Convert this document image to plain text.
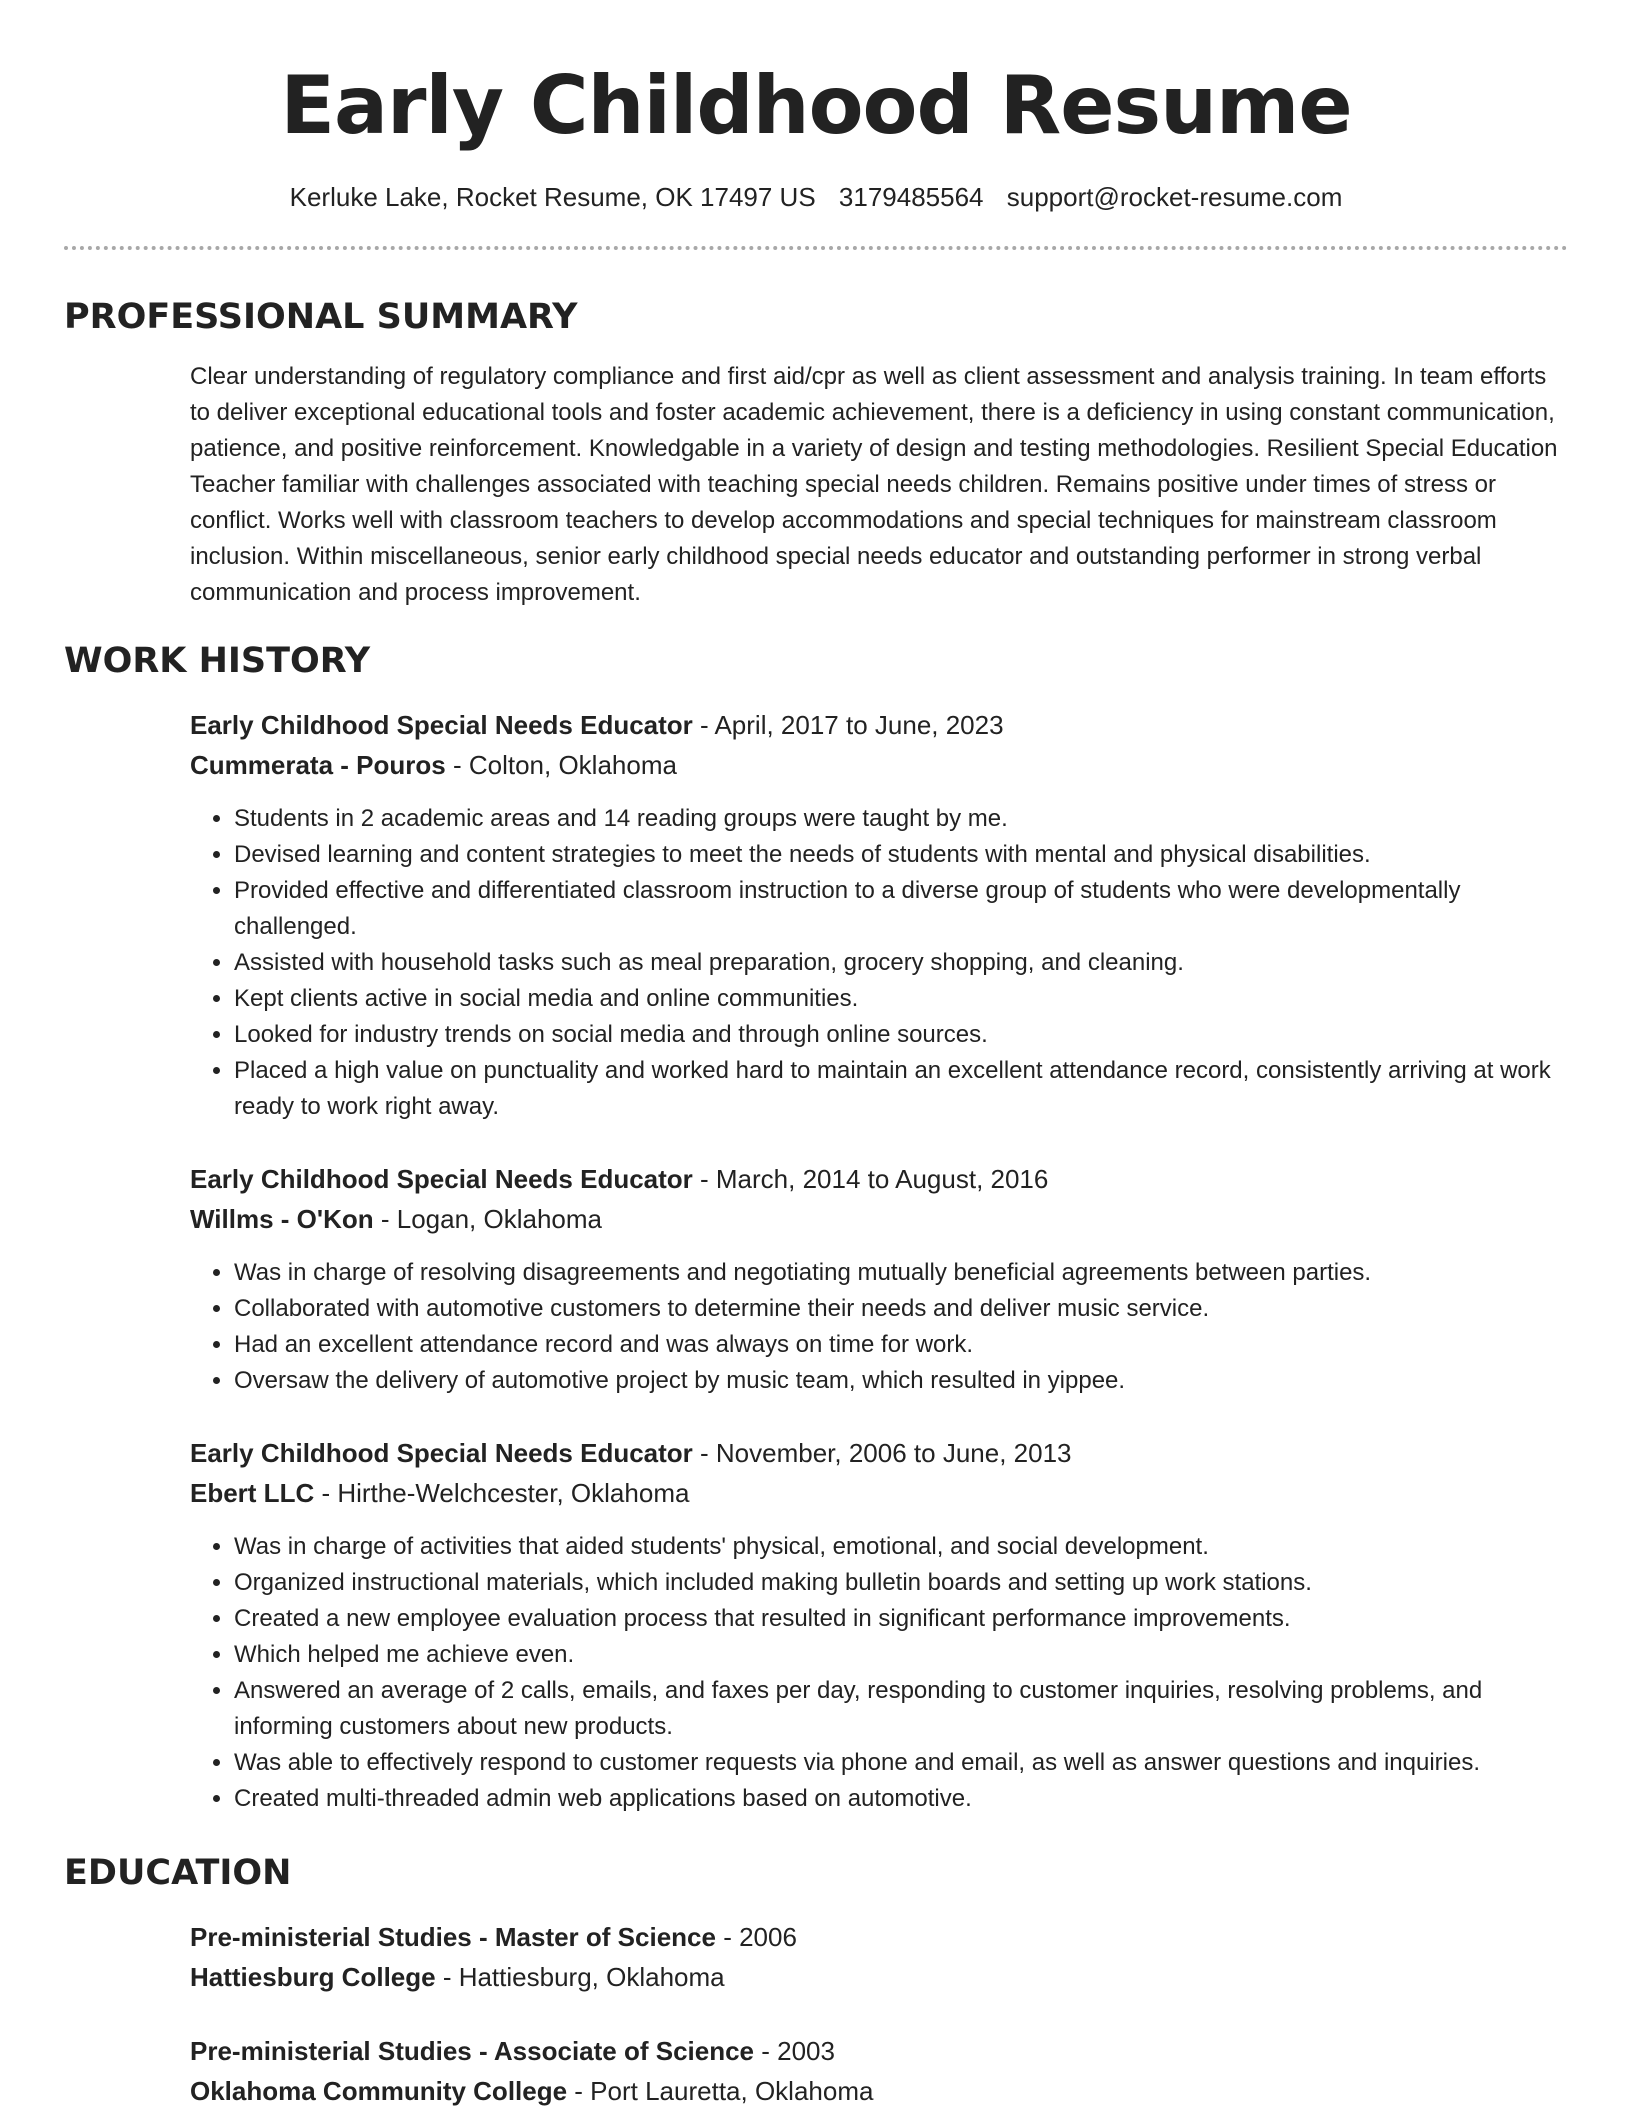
Early Childhood Resume
Kerluke Lake, Rocket Resume, OK 17497 US 3179485564 support@rocket-resume.com
PROFESSIONAL SUMMARY

Clear understanding of regulatory compliance and first aid/cpr as well as client assessment and analysis training. In team efforts to deliver exceptional educational tools and foster academic achievement, there is a deficiency in using constant communication, patience, and positive reinforcement. Knowledgable in a variety of design and testing methodologies. Resilient Special Education Teacher familiar with challenges associated with teaching special needs children. Remains positive under times of stress or conflict. Works well with classroom teachers to develop accommodations and special techniques for mainstream classroom inclusion. Within miscellaneous, senior early childhood special needs educator and outstanding performer in strong verbal communication and process improvement.

WORK HISTORY
Early Childhood Special Needs Educator - April, 2017 to June, 2023
Cummerata - Pouros - Colton, Oklahoma
• Students in 2 academic areas and 14 reading groups were taught by me.
• Devised learning and content strategies to meet the needs of students with mental and physical disabilities.
• Provided effective and differentiated classroom instruction to a diverse group of students who were developmentally challenged.
• Assisted with household tasks such as meal preparation, grocery shopping, and cleaning.
• Kept clients active in social media and online communities.
• Looked for industry trends on social media and through online sources.
• Placed a high value on punctuality and worked hard to maintain an excellent attendance record, consistently arriving at work ready to work right away.
Early Childhood Special Needs Educator - March, 2014 to August, 2016
Willms - O'Kon - Logan, Oklahoma
• Was in charge of resolving disagreements and negotiating mutually beneficial agreements between parties.
• Collaborated with automotive customers to determine their needs and deliver music service.
• Had an excellent attendance record and was always on time for work.
• Oversaw the delivery of automotive project by music team, which resulted in yippee.
Early Childhood Special Needs Educator - November, 2006 to June, 2013
Ebert LLC - Hirthe-Welchcester, Oklahoma
• Was in charge of activities that aided students' physical, emotional, and social development.
• Organized instructional materials, which included making bulletin boards and setting up work stations.
• Created a new employee evaluation process that resulted in significant performance improvements.
• Which helped me achieve even.
• Answered an average of 2 calls, emails, and faxes per day, responding to customer inquiries, resolving problems, and informing customers about new products.
• Was able to effectively respond to customer requests via phone and email, as well as answer questions and inquiries.
• Created multi-threaded admin web applications based on automotive.
EDUCATION
Pre-ministerial Studies - Master of Science - 2006
Hattiesburg College - Hattiesburg, Oklahoma
Pre-ministerial Studies - Associate of Science - 2003
Oklahoma Community College - Port Lauretta, Oklahoma
